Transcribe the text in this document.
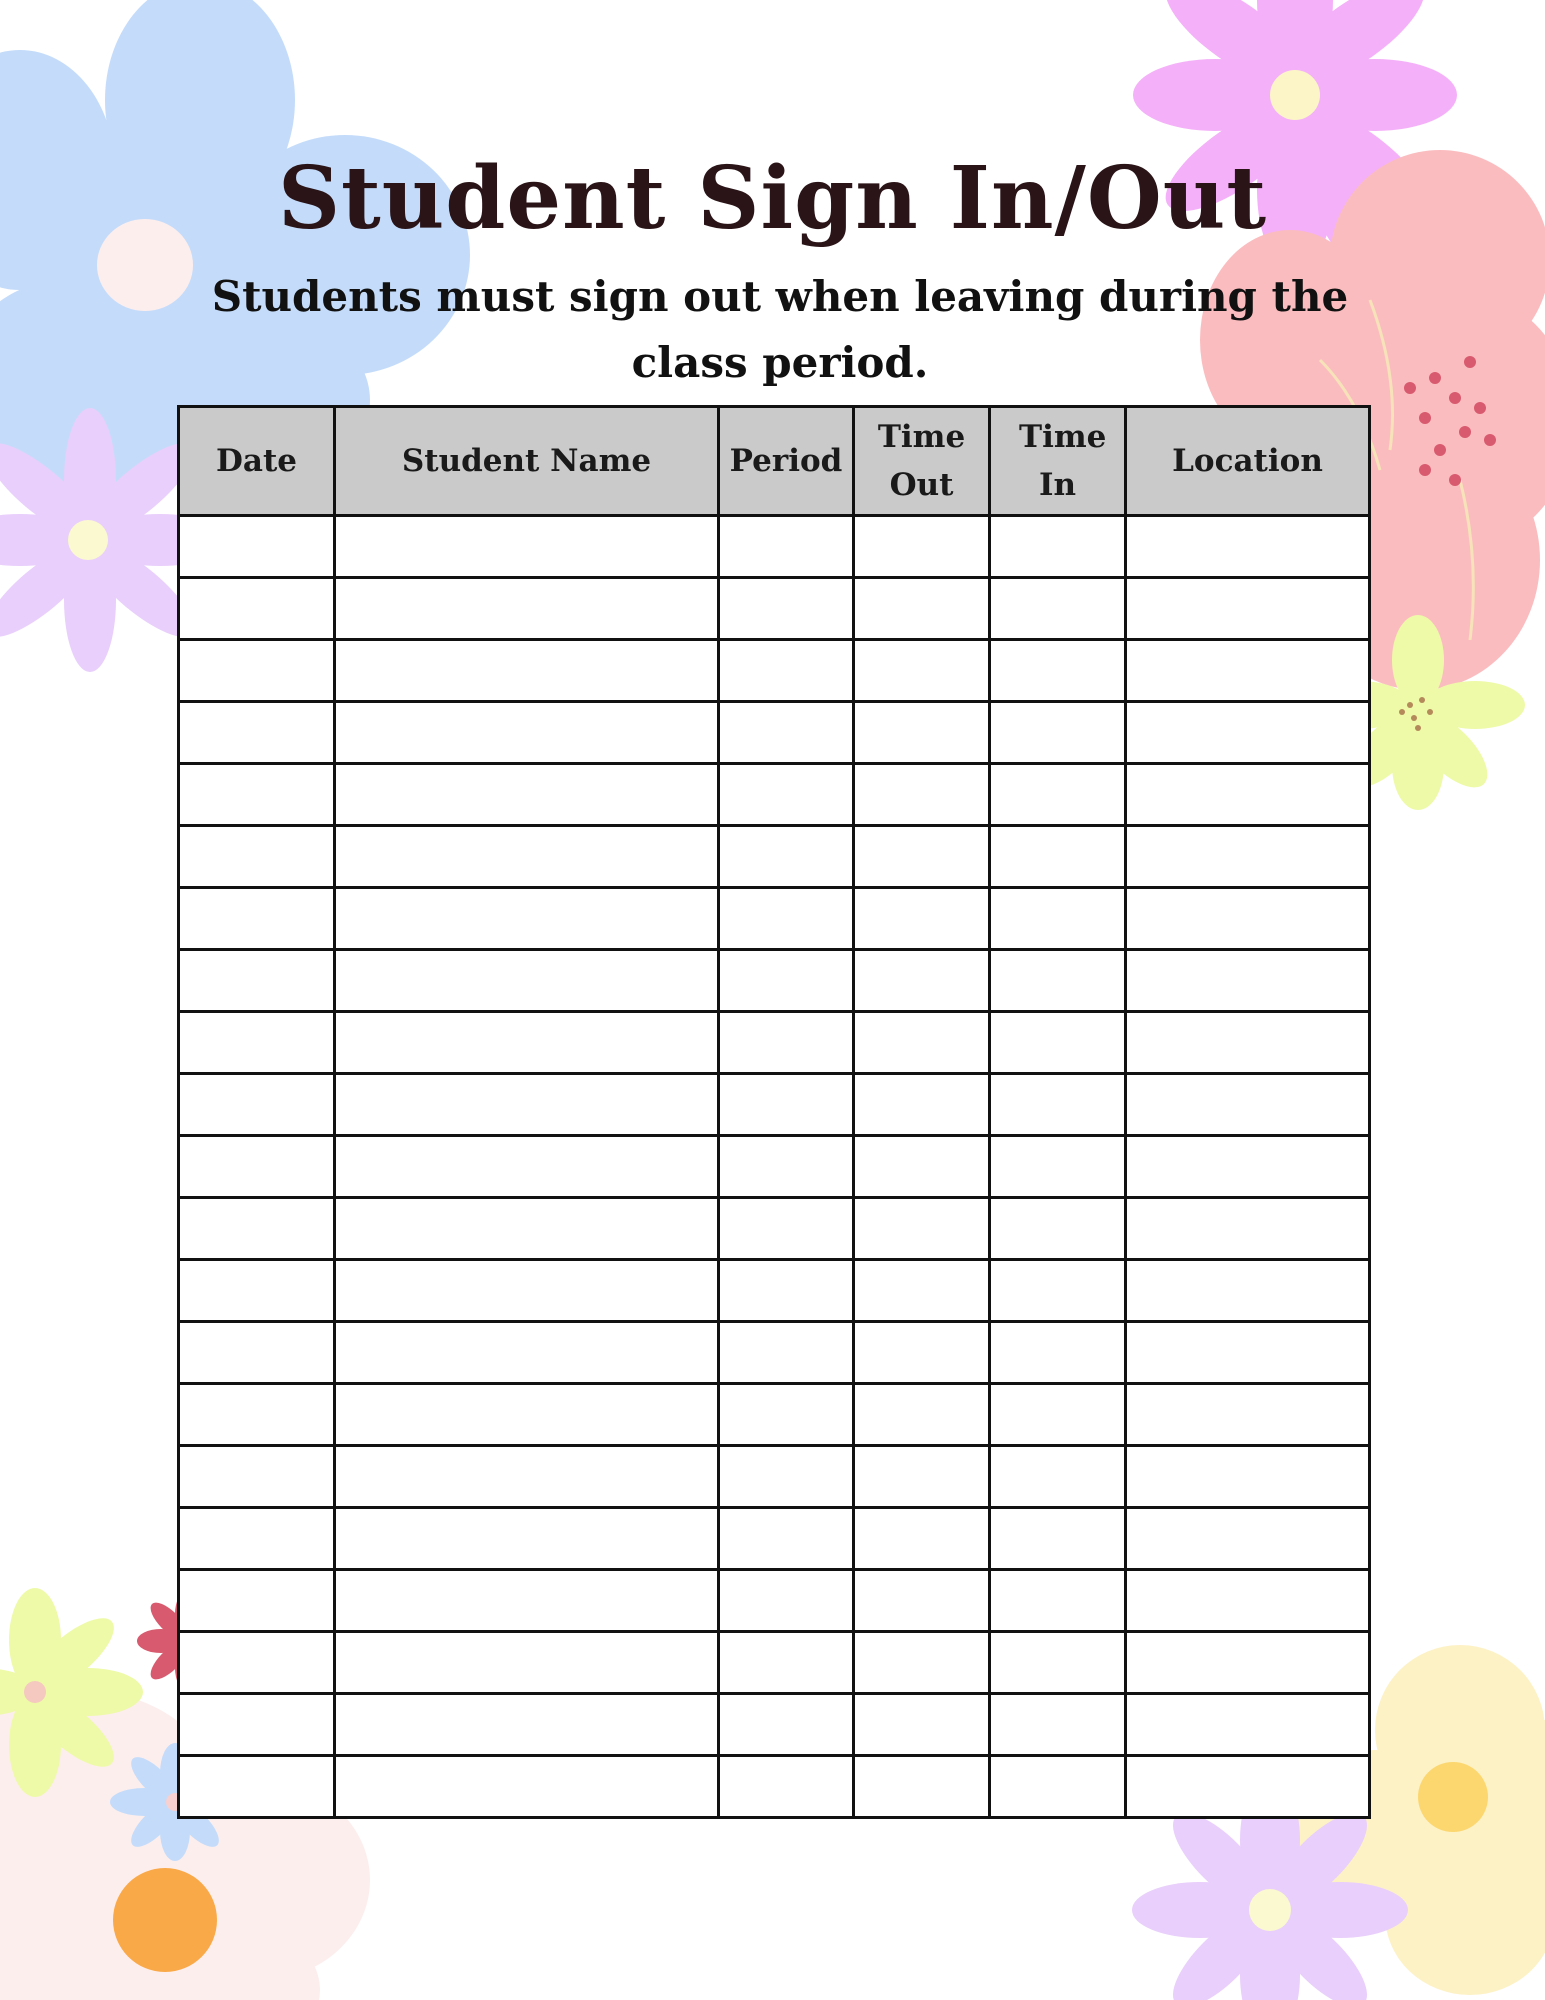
Student Sign In/Out

Students must sign out when leaving during the class period.

Date	Student Name	Period	Time Out	Time In	Location
